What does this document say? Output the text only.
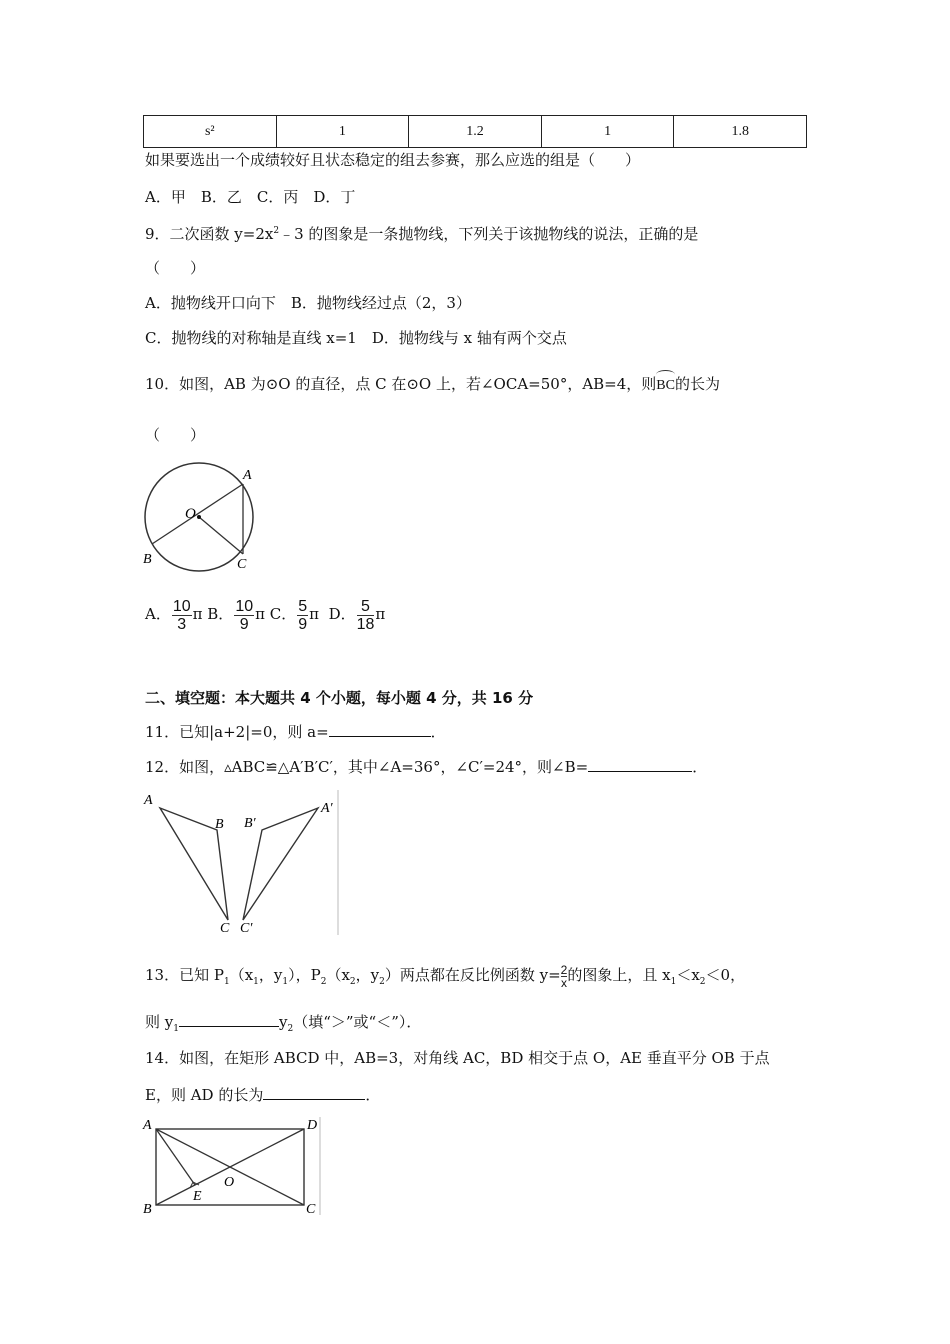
s²	1	1.2	1	1.8
如果要选出一个成绩较好且状态稳定的组去参赛，那么应选的组是（　　）
A．甲　B．乙　C．丙　D．丁
9．二次函数 $y=2x^2﹣3$ 的图象是一条抛物线，下列关于该抛物线的说法，正确的是
（　　）
A．抛物线开口向下　B．抛物线经过点（2，3）
C．抛物线的对称轴是直线 x=1　D．抛物线与 x 轴有两个交点
10．如图，AB 为⊙O 的直径，点 C 在⊙O 上，若∠OCA=50°，AB=4，则BC的长为
（　　）
A
B	C
O
A． $\frac{10}{3}$ π B． $\frac{10}{9}$ π C． $\frac{5}{9}$ π D． $\frac{5}{18}$ π
二、填空题：本大题共 4 个小题，每小题 4 分，共 16 分
11．已知|a+2|=0，则 a=	．
12．如图，▵ABC≌△A′B′C′，其中∠A=36°，∠C′=24°，则∠B=	．
A
B
C
A′
B′
C′
13．已知 $P_1(x_1$，$y_1$），$P_2(x_2$，$y_2$）两点都在反比例函数 $y= \frac{2}{x}$ 的图象上，且 $x_1<x_2<0$，
则 $y_1$	$y_2$（填“＞”或“＜”）．
14．如图，在矩形 ABCD 中，AB=3，对角线 AC，BD 相交于点 O，AE 垂直平分 OB 于点
E，则 AD 的长为	．
A
B	C
D
E
O
